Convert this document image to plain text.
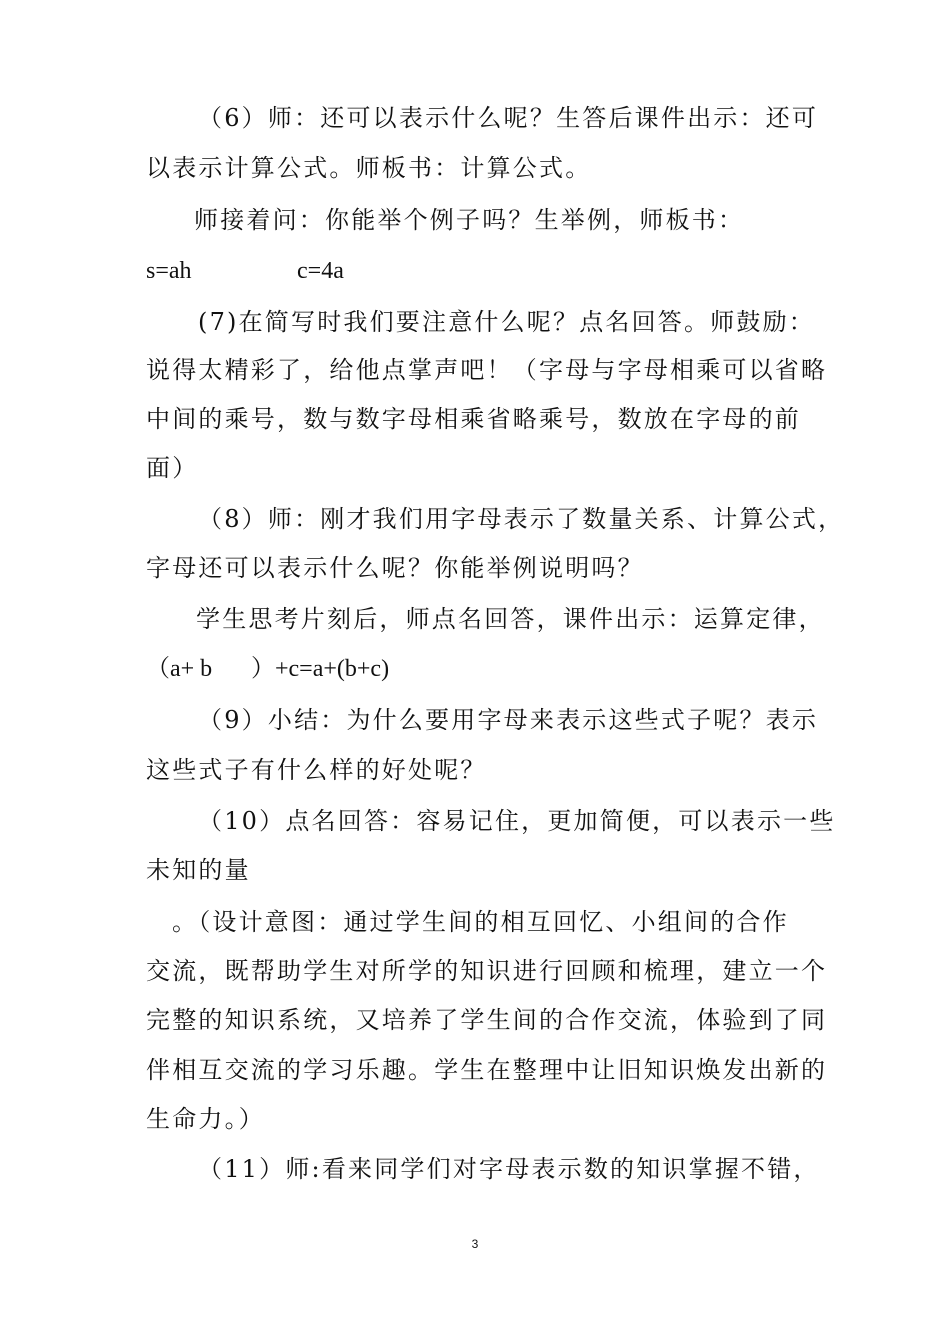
（6）师：还可以表示什么呢？生答后课件出示：还可
以表示计算公式。师板书：计算公式。
师接着问：你能举个例子吗？生举例，师板书：
s=ah	c=4a
(7)在简写时我们要注意什么呢？点名回答。师鼓励：
说得太精彩了，给他点掌声吧！（字母与字母相乘可以省略
中间的乘号，数与数字母相乘省略乘号，数放在字母的前
面）
（8）师：刚才我们用字母表示了数量关系、计算公式，
字母还可以表示什么呢？你能举例说明吗？
学生思考片刻后，师点名回答，课件出示：运算定律，
（a+ b	）+c=a+(b+c)
（9）小结：为什么要用字母来表示这些式子呢？表示
这些式子有什么样的好处呢？
（10）点名回答：容易记住，更加简便，可以表示一些
未知的量
。（设计意图：通过学生间的相互回忆、小组间的合作
交流，既帮助学生对所学的知识进行回顾和梳理，建立一个
完整的知识系统，又培养了学生间的合作交流，体验到了同
伴相互交流的学习乐趣。学生在整理中让旧知识焕发出新的
生命力。）
（11）师:看来同学们对字母表示数的知识掌握不错，
3
